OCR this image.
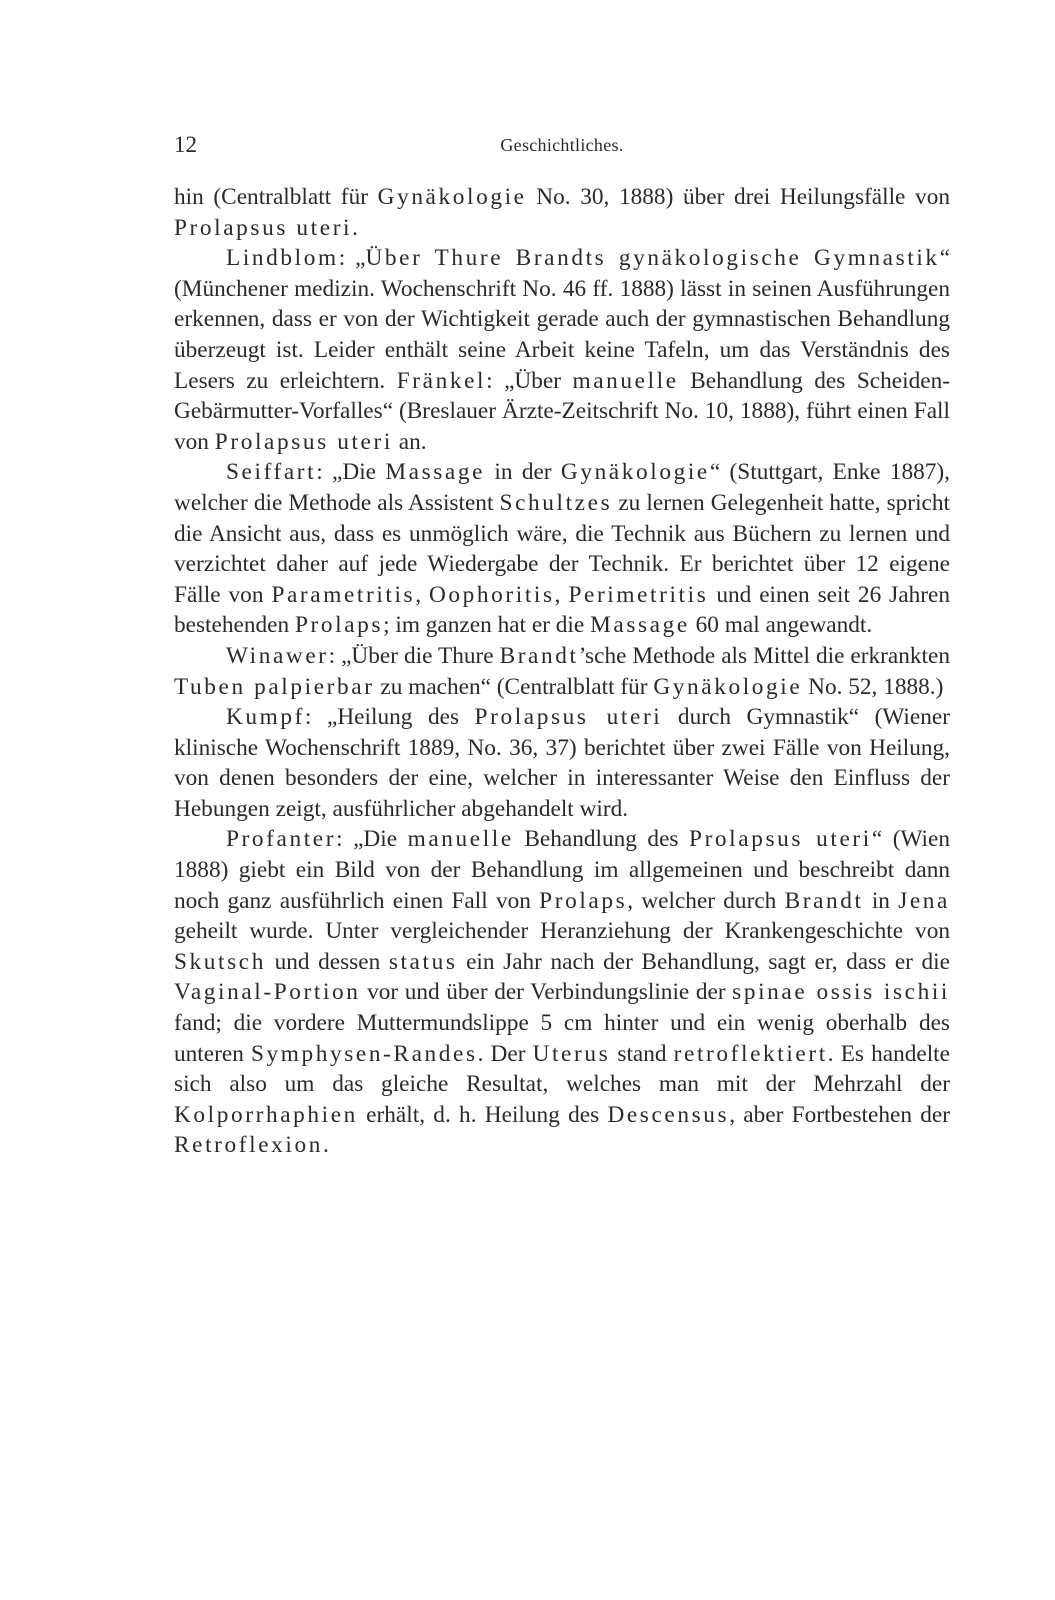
12	Geschichtliches.

hin (Centralblatt für Gynäkologie No. 30, 1888) über drei Heilungsfälle von Prolapsus uteri.

Lindblom: „Über Thure Brandts gynäkologische Gymnastik“ (Münchener medizin. Wochenschrift No. 46 ff. 1888) lässt in seinen Ausführungen erkennen, dass er von der Wichtigkeit gerade auch der gymnastischen Behandlung überzeugt ist. Leider enthält seine Arbeit keine Tafeln, um das Verständnis des Lesers zu erleichtern. Fränkel: „Über manuelle Behandlung des Scheiden-Gebärmutter-Vorfalles“ (Breslauer Ärzte-Zeitschrift No. 10, 1888), führt einen Fall von Prolapsus uteri an.

Seiffart: „Die Massage in der Gynäkologie“ (Stuttgart, Enke 1887), welcher die Methode als Assistent Schultzes zu lernen Gelegenheit hatte, spricht die Ansicht aus, dass es unmöglich wäre, die Technik aus Büchern zu lernen und verzichtet daher auf jede Wiedergabe der Technik. Er berichtet über 12 eigene Fälle von Parametritis, Oophoritis, Perimetritis und einen seit 26 Jahren bestehenden Prolaps; im ganzen hat er die Massage 60 mal angewandt.

Winawer: „Über die Thure Brandt’sche Methode als Mittel die erkrankten Tuben palpierbar zu machen“ (Centralblatt für Gynäkologie No. 52, 1888.)

Kumpf: „Heilung des Prolapsus uteri durch Gymnastik“ (Wiener klinische Wochenschrift 1889, No. 36, 37) berichtet über zwei Fälle von Heilung, von denen besonders der eine, welcher in interessanter Weise den Einfluss der Hebungen zeigt, ausführlicher abgehandelt wird.

Profanter: „Die manuelle Behandlung des Prolapsus uteri“ (Wien 1888) giebt ein Bild von der Behandlung im allgemeinen und beschreibt dann noch ganz ausführlich einen Fall von Prolaps, welcher durch Brandt in Jena geheilt wurde. Unter vergleichender Heranziehung der Krankengeschichte von Skutsch und dessen status ein Jahr nach der Behandlung, sagt er, dass er die Vaginal-Portion vor und über der Verbindungslinie der spinae ossis ischii fand; die vordere Muttermundslippe 5 cm hinter und ein wenig oberhalb des unteren Symphysen-Randes. Der Uterus stand retroflektiert. Es handelte sich also um das gleiche Resultat, welches man mit der Mehrzahl der Kolporrhaphien erhält, d. h. Heilung des Descensus, aber Fortbestehen der Retroflexion.
